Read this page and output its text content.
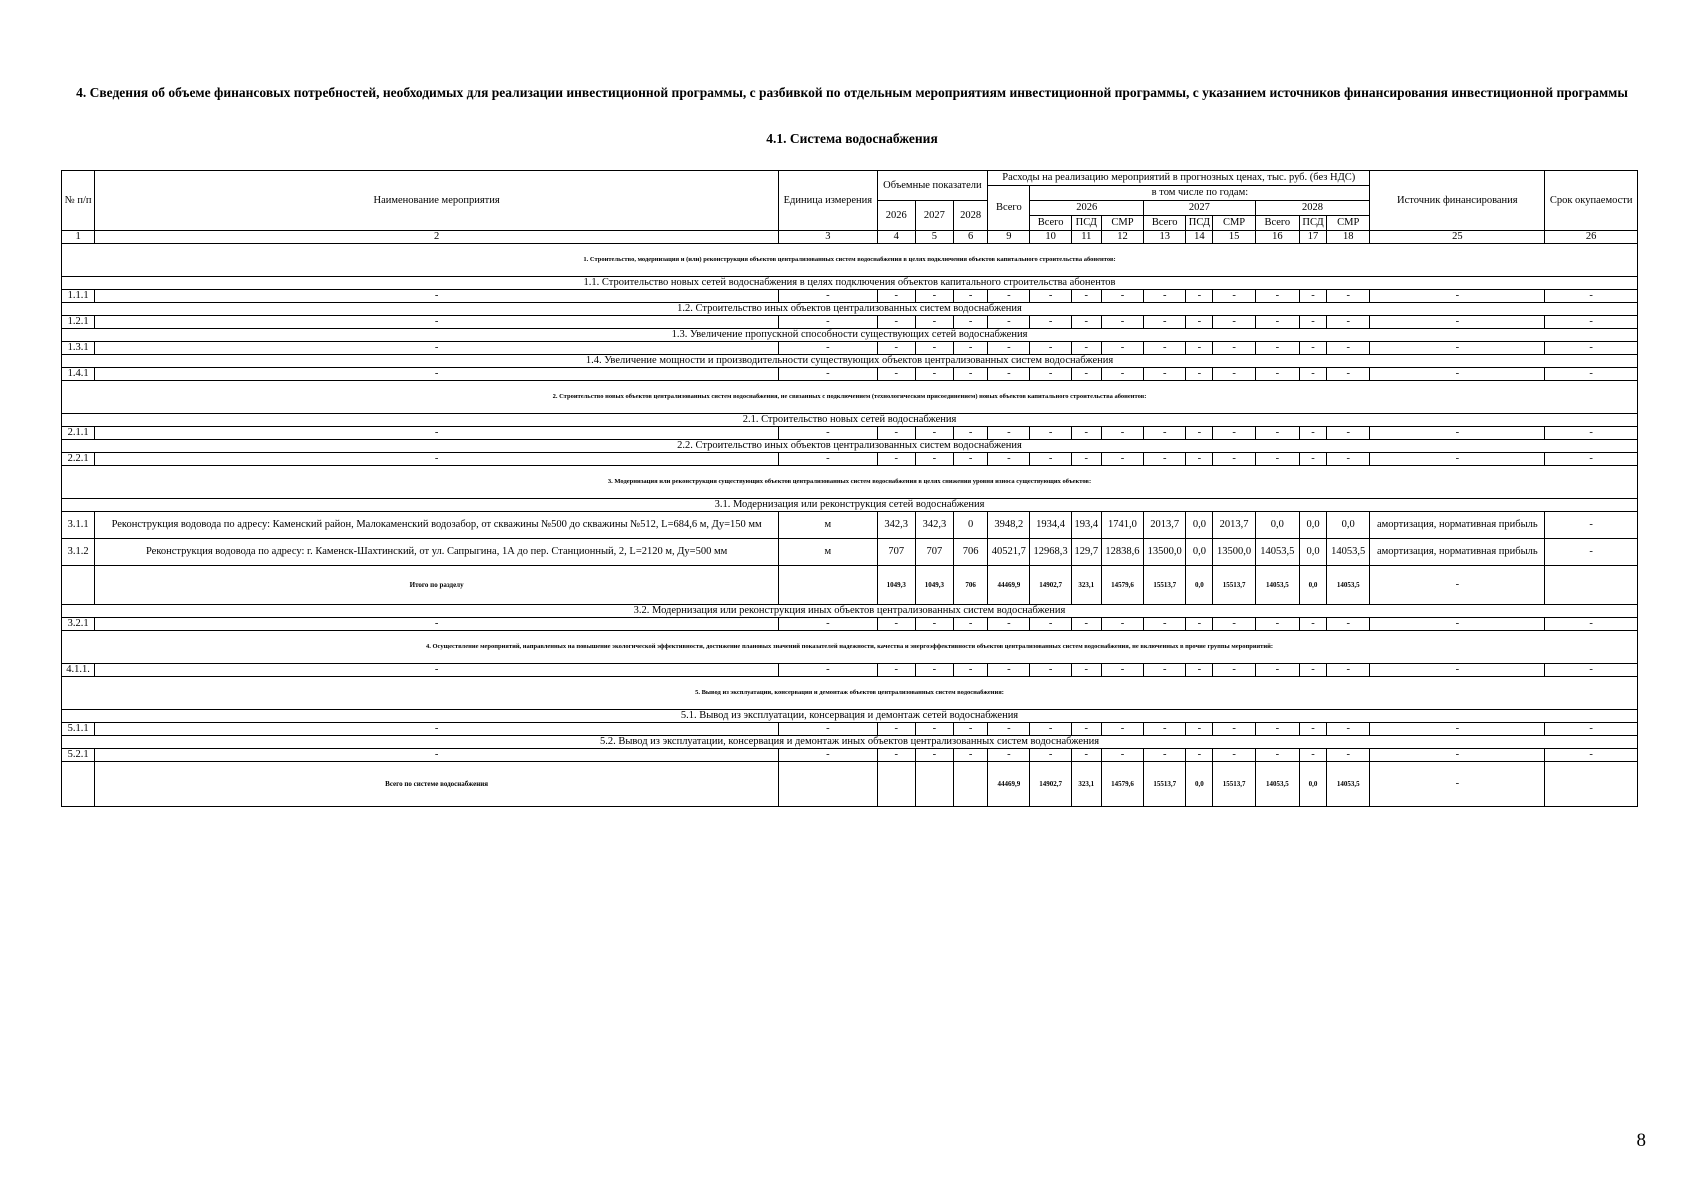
4. Сведения об объеме финансовых потребностей, необходимых для реализации инвестиционной программы, с разбивкой по отдельным мероприятиям инвестиционной программы, с указанием источников финансирования инвестиционной программы
4.1. Система водоснабжения
№ п/п	Наименование мероприятия	Единица измерения	Объемные показатели			Расходы на реализацию мероприятий в прогнозных ценах, тыс. руб. (без НДС)										Источник финансирования	Срок окупаемости
						Всего	в том числе по годам:										
			2026	2027	2028		2026			2027			2028				
							Всего	ПСД	СМР	Всего	ПСД	СМР	Всего	ПСД	СМР		
1	2	3	4	5	6	9	10	11	12	13	14	15	16	17	18	25	26
1. Строительство, модернизация и (или) реконструкция объектов централизованных систем водоснабжения в целях подключения объектов капитального строительства абонентов:																	
1.1. Строительство новых сетей водоснабжения в целях подключения объектов капитального строительства абонентов																	
1.1.1	-	-	-	-	-	-	-	-	-	-	-	-	-	-	-	-	-
1.2. Строительство иных объектов централизованных систем водоснабжения																	
1.2.1	-	-	-	-	-	-	-	-	-	-	-	-	-	-	-	-	-
1.3. Увеличение пропускной способности существующих сетей водоснабжения																	
1.3.1	-	-	-	-	-	-	-	-	-	-	-	-	-	-	-	-	-
1.4. Увеличение мощности и производительности существующих объектов централизованных систем водоснабжения																	
1.4.1	-	-	-	-	-	-	-	-	-	-	-	-	-	-	-	-	-
2. Строительство новых объектов централизованных систем водоснабжения, не связанных с подключением (технологическим присоединением) новых объектов капитального строительства абонентов:																	
2.1. Строительство новых сетей водоснабжения																	
2.1.1	-	-	-	-	-	-	-	-	-	-	-	-	-	-	-	-	-
2.2. Строительство иных объектов централизованных систем водоснабжения																	
2.2.1	-	-	-	-	-	-	-	-	-	-	-	-	-	-	-	-	-
3. Модернизация или реконструкция существующих объектов централизованных систем водоснабжения в целях снижения уровня износа существующих объектов:																	
3.1. Модернизация или реконструкция сетей водоснабжения																	
3.1.1	Реконструкция водовода по адресу: Каменский район, Малокаменский водозабор, от скважины №500 до скважины №512, L=684,6 м, Ду=150 мм	м	342,3	342,3	0	3948,2	1934,4	193,4	1741,0	2013,7	0,0	2013,7	0,0	0,0	0,0	амортизация, нормативная прибыль	-
3.1.2	Реконструкция водовода по адресу: г. Каменск-Шахтинский, от ул. Сапрыгина, 1А до пер. Станционный, 2, L=2120 м, Ду=500 мм	м	707	707	706	40521,7	12968,3	129,7	12838,6	13500,0	0,0	13500,0	14053,5	0,0	14053,5	амортизация, нормативная прибыль	-
	Итого по разделу		1049,3	1049,3	706	44469,9	14902,7	323,1	14579,6	15513,7	0,0	15513,7	14053,5	0,0	14053,5	-	
3.2. Модернизация или реконструкция иных объектов централизованных систем водоснабжения																	
3.2.1	-	-	-	-	-	-	-	-	-	-	-	-	-	-	-	-	-
4. Осуществление мероприятий, направленных на повышение экологической эффективности, достижение плановых значений показателей надежности, качества и энергоэффективности объектов централизованных систем водоснабжения, не включенных в прочие группы мероприятий:																	
4.1.1.	-	-	-	-	-	-	-	-	-	-	-	-	-	-	-	-	-
5. Вывод из эксплуатации, консервация и демонтаж объектов централизованных систем водоснабжения:																	
5.1. Вывод из эксплуатации, консервация и демонтаж сетей водоснабжения																	
5.1.1	-	-	-	-	-	-	-	-	-	-	-	-	-	-	-	-	-
5.2. Вывод из эксплуатации, консервация и демонтаж иных объектов централизованных систем водоснабжения																	
5.2.1	-	-	-	-	-	-	-	-	-	-	-	-	-	-	-	-	-
	Всего по системе водоснабжения					44469,9	14902,7	323,1	14579,6	15513,7	0,0	15513,7	14053,5	0,0	14053,5	-	
8
